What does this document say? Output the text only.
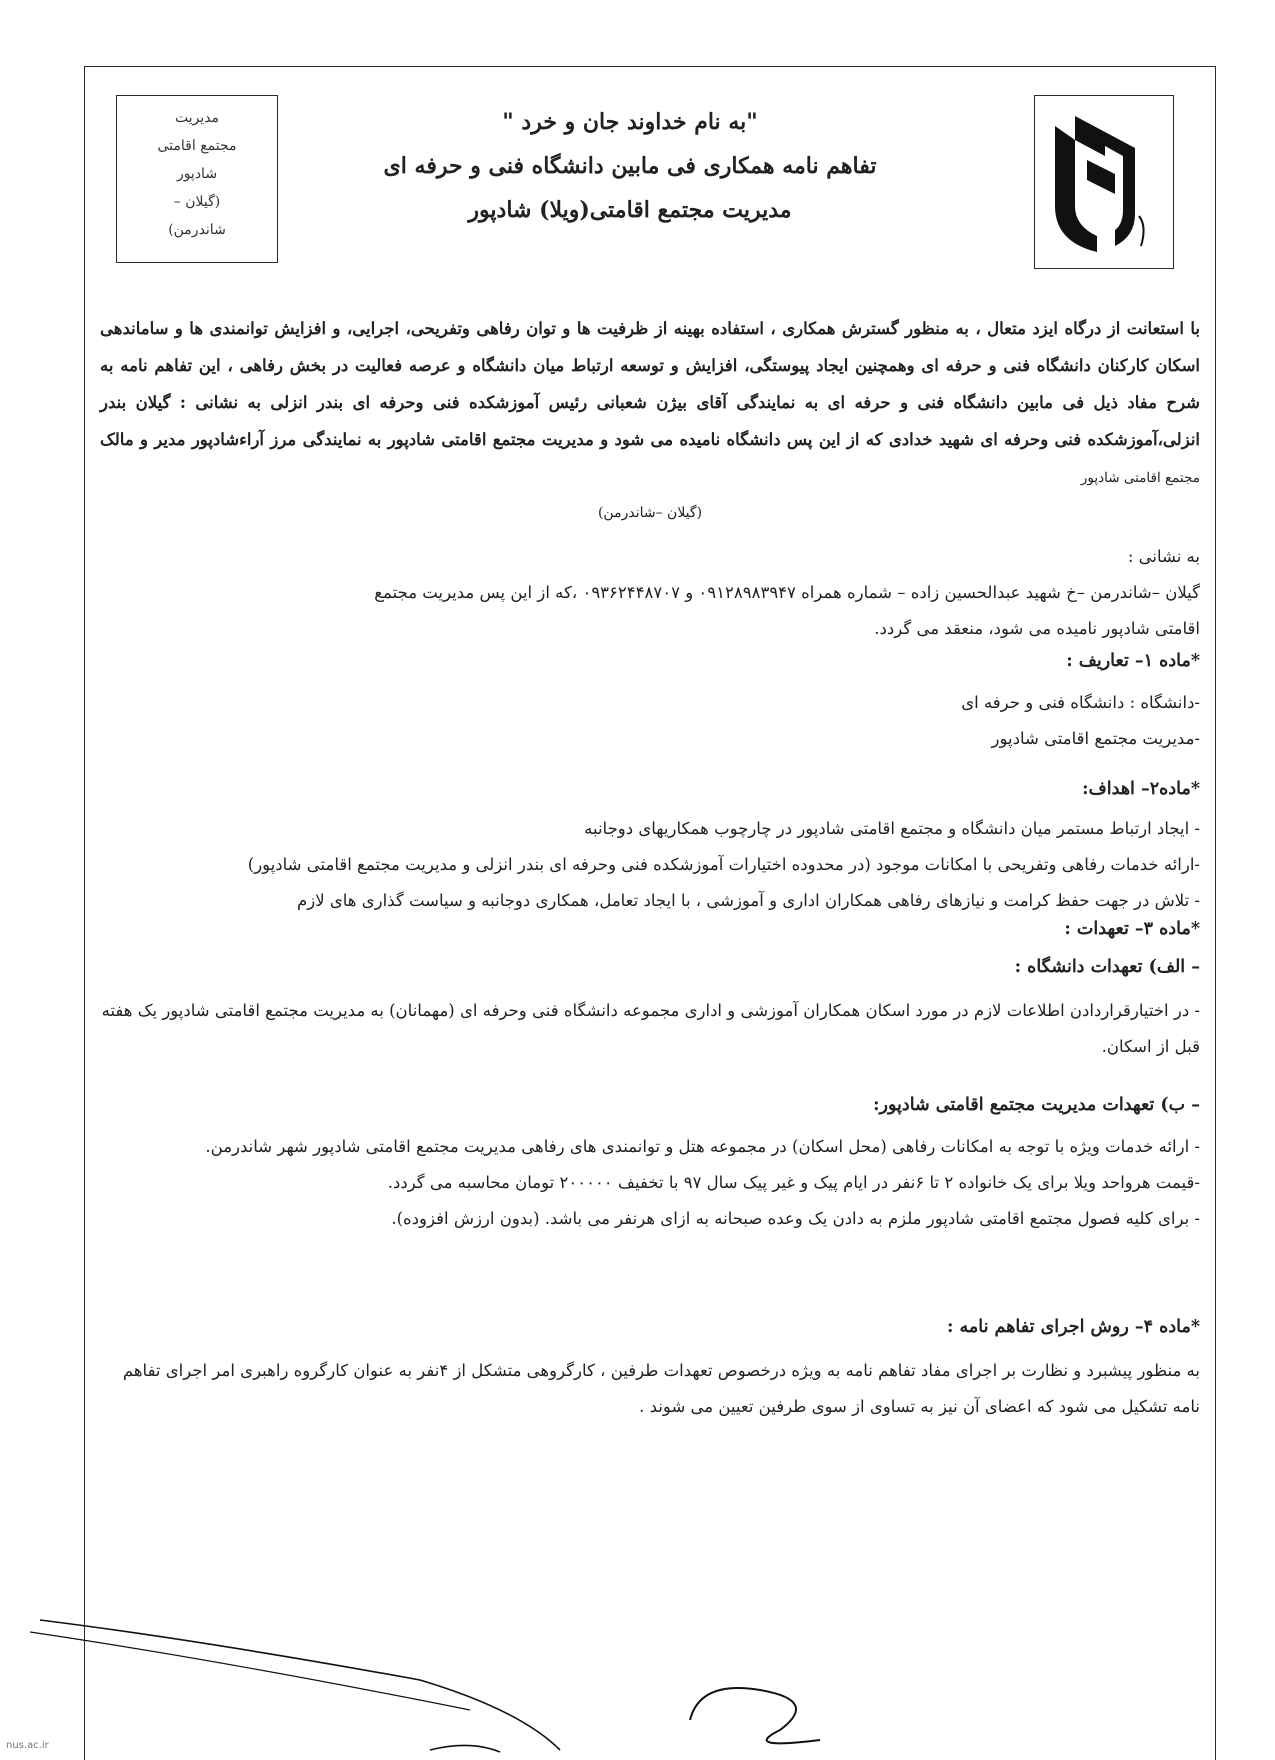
مدیریت
مجتمع اقامتی
شادپور
(گیلان –
شاندرمن)
"به نام خداوند جان و خرد "
تفاهم نامه همکاری فی مابین دانشگاه فنی و حرفه ای
مدیریت مجتمع اقامتی(ویلا) شادپور

با استعانت از درگاه ایزد متعال ، به منظور گسترش همکاری ، استفاده بهینه از ظرفیت ها و توان رفاهی وتفریحی، اجرایی، و افزایش توانمندی ها و ساماندهی اسکان کارکنان دانشگاه فنی و حرفه ای وهمچنین ایجاد پیوستگی، افزایش و توسعه ارتباط میان دانشگاه و عرصه فعالیت در بخش رفاهی ، این تفاهم نامه به شرح مفاد ذیل فی مابین دانشگاه فنی و حرفه ای به نمایندگی آقای بیژن شعبانی رئیس آموزشکده فنی وحرفه ای بندر انزلی به نشانی : گیلان بندر انزلی،آموزشکده فنی وحرفه ای شهید خدادی که از این پس دانشگاه نامیده می شود و مدیریت مجتمع اقامتی شادپور به نمایندگی مرز آراءشادپور مدیر و مالک مجتمع اقامتی شادپور

(گیلان –شاندرمن)

به نشانی :

گیلان –شاندرمن –خ شهید عبدالحسین زاده – شماره همراه ۰۹۱۲۸۹۸۳۹۴۷ و ۰۹۳۶۲۴۴۸۷۰۷ ،که از این پس مدیریت مجتمع

اقامتی شادپور نامیده می شود، منعقد می گردد.

*ماده ۱– تعاریف :

-دانشگاه : دانشگاه فنی و حرفه ای

-مدیریت مجتمع اقامتی شادپور

*ماده۲– اهداف:

- ایجاد ارتباط مستمر میان دانشگاه و مجتمع اقامتی شادپور در چارچوب همکاریهای دوجانبه

-ارائه خدمات رفاهی وتفریحی با امکانات موجود (در محدوده اختیارات آموزشکده فنی وحرفه ای بندر انزلی و مدیریت مجتمع اقامتی شادپور)

- تلاش در جهت حفظ کرامت و نیازهای رفاهی همکاران اداری و آموزشی ، با ایجاد تعامل، همکاری دوجانبه و سیاست گذاری های لازم

*ماده ۳– تعهدات :

– الف) تعهدات دانشگاه :

- در اختیارقراردادن اطلاعات لازم در مورد اسکان همکاران آموزشی و اداری مجموعه دانشگاه فنی وحرفه ای (مهمانان) به مدیریت مجتمع اقامتی شادپور یک هفته قبل از اسکان.

– ب) تعهدات مدیریت مجتمع اقامتی شادپور:

- ارائه خدمات ویژه با توجه به امکانات رفاهی (محل اسکان) در مجموعه هتل و توانمندی های رفاهی مدیریت مجتمع اقامتی شادپور شهر شاندرمن.

-قیمت هرواحد ویلا برای یک خانواده ۲ تا ۶نفر در ایام پیک و غیر پیک سال ۹۷ با تخفیف ۲۰۰۰۰۰ تومان محاسبه می گردد.

- برای کلیه فصول مجتمع اقامتی شادپور ملزم به دادن یک وعده صبحانه به ازای هرنفر می باشد. (بدون ارزش افزوده).

*ماده ۴– روش اجرای تفاهم نامه :

به منظور پیشبرد و نظارت بر اجرای مفاد تفاهم نامه به ویژه درخصوص تعهدات طرفین ، کارگروهی متشکل از ۴نفر به عنوان کارگروه راهبری امر اجرای تفاهم نامه تشکیل می شود که اعضای آن نیز به تساوی از سوی طرفین تعیین می شوند .

nus.ac.ir
